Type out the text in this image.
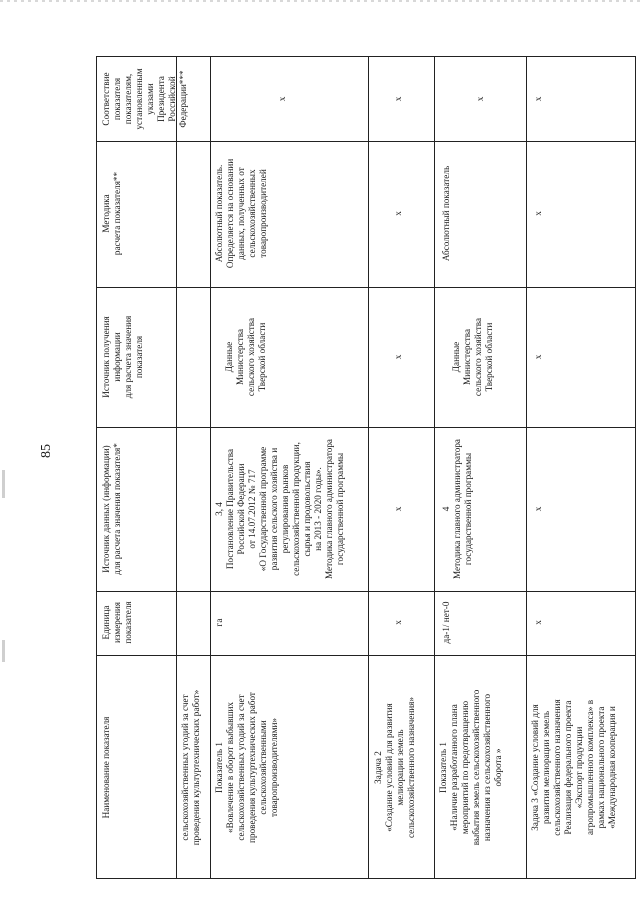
85
Наименование показателя
Единица
измерения
показателя
Источник данных (информации)
для расчета значения показателя*
Источник получения
информации
для расчета значения
показателя
Методика
расчета показателя**
Соответствие
показателя
показателям,
установленным
указами
Президента
Российской
Федерации***
сельскохозяйственных угодий за счет
проведения культуртехнических работ»
Показатель 1
«Вовлечение в оборот выбывших
сельскохозяйственных угодий за счет
проведения культуртехнических работ
сельскохозяйственными
товаропроизводителями»
га
3, 4
Постановление Правительства
Российской Федерации
от 14.07.2012 № 717
«О Государственной программе
развития сельского хозяйства и
регулирования рынков
сельскохозяйственной продукции,
сырья и продовольствия
на 2013 - 2020 годы».
Методика главного администратора
государственной программы
Данные
Министерства
сельского хозяйства
Тверской области
Абсолютный показатель.
Определяется на основании
данных, полученных от
сельскохозяйственных
товаропроизводителей
х
Задача 2
«Создание условий для развития
мелиорации земель
сельскохозяйственного назначения»
х
х
х
х
х
Показатель 1
«Наличие разработанного плана
мероприятий по предотвращению
выбытия земель сельскохозяйственного
назначения из сельскохозяйственного
оборота »
да-1/ нет-0
4
Методика главного администратора
государственной программы
Данные
Министерства
сельского хозяйства
Тверской области
Абсолютный показатель
х
Задача 3 «Создание условий для
развития мелиорации земель
сельскохозяйственного назначения
Реализация федерального проекта
«Экспорт продукции
агропромышленного комплекса» в
рамках национального проекта
«Международная кооперация и
х
х
х
х
х
